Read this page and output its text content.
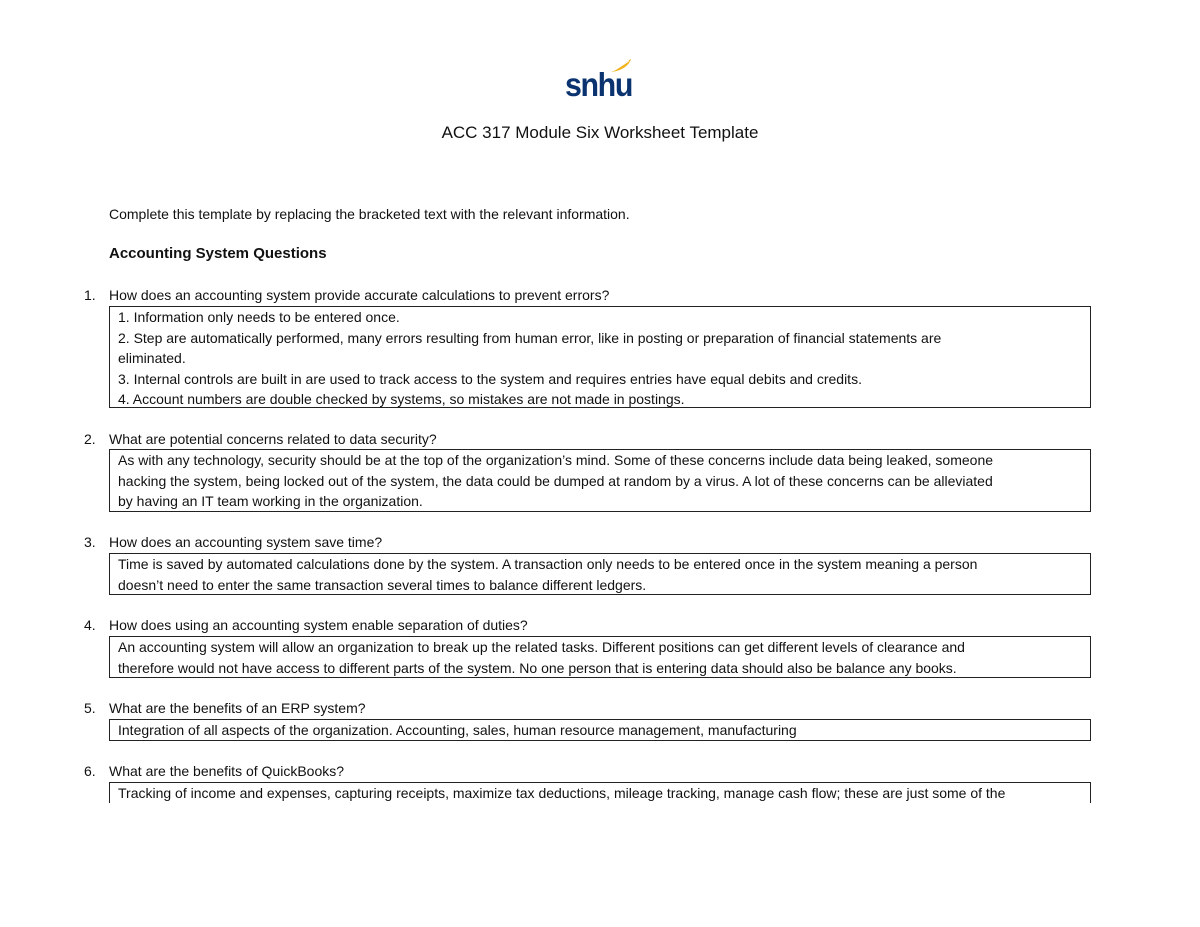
snhu
ACC 317 Module Six Worksheet Template
Complete this template by replacing the bracketed text with the relevant information.
Accounting System Questions
1. How does an accounting system provide accurate calculations to prevent errors?
1. Information only needs to be entered once.
2. Step are automatically performed, many errors resulting from human error, like in posting or preparation of financial statements are
eliminated.
3. Internal controls are built in are used to track access to the system and requires entries have equal debits and credits.
4. Account numbers are double checked by systems, so mistakes are not made in postings.
2. What are potential concerns related to data security?
As with any technology, security should be at the top of the organization’s mind. Some of these concerns include data being leaked, someone
hacking the system, being locked out of the system, the data could be dumped at random by a virus. A lot of these concerns can be alleviated
by having an IT team working in the organization.
3. How does an accounting system save time?
Time is saved by automated calculations done by the system. A transaction only needs to be entered once in the system meaning a person
doesn’t need to enter the same transaction several times to balance different ledgers.
4. How does using an accounting system enable separation of duties?
An accounting system will allow an organization to break up the related tasks. Different positions can get different levels of clearance and
therefore would not have access to different parts of the system. No one person that is entering data should also be balance any books.
5. What are the benefits of an ERP system?
Integration of all aspects of the organization. Accounting, sales, human resource management, manufacturing
6. What are the benefits of QuickBooks?
Tracking of income and expenses, capturing receipts, maximize tax deductions, mileage tracking, manage cash flow; these are just some of the
